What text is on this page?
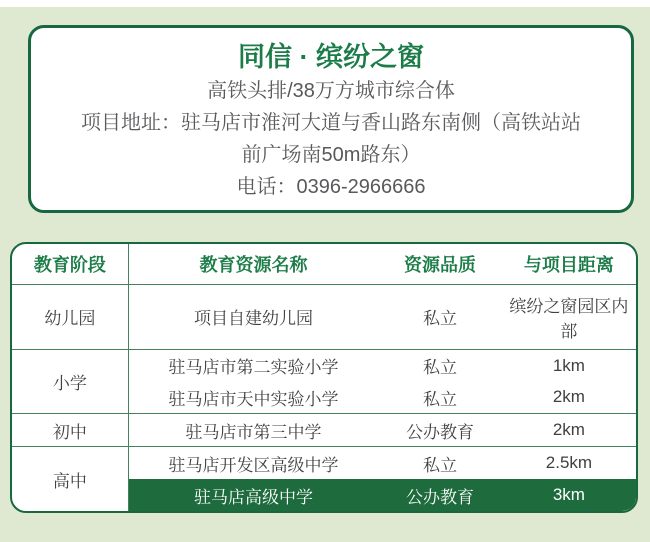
同信 · 缤纷之窗

高铁头排/38万方城市综合体

项目地址：驻马店市淮河大道与香山路东南侧（高铁站站

前广场南50m路东）

电话：0396-2966666

教育阶段	教育资源名称	资源品质	与项目距离
幼儿园	项目自建幼儿园	私立	缤纷之窗园区内部
小学	驻马店市第二实验小学	私立	1km
	驻马店市天中实验小学	私立	2km
初中	驻马店市第三中学	公办教育	2km
高中	驻马店开发区高级中学	私立	2.5km
	驻马店高级中学	公办教育	3km
